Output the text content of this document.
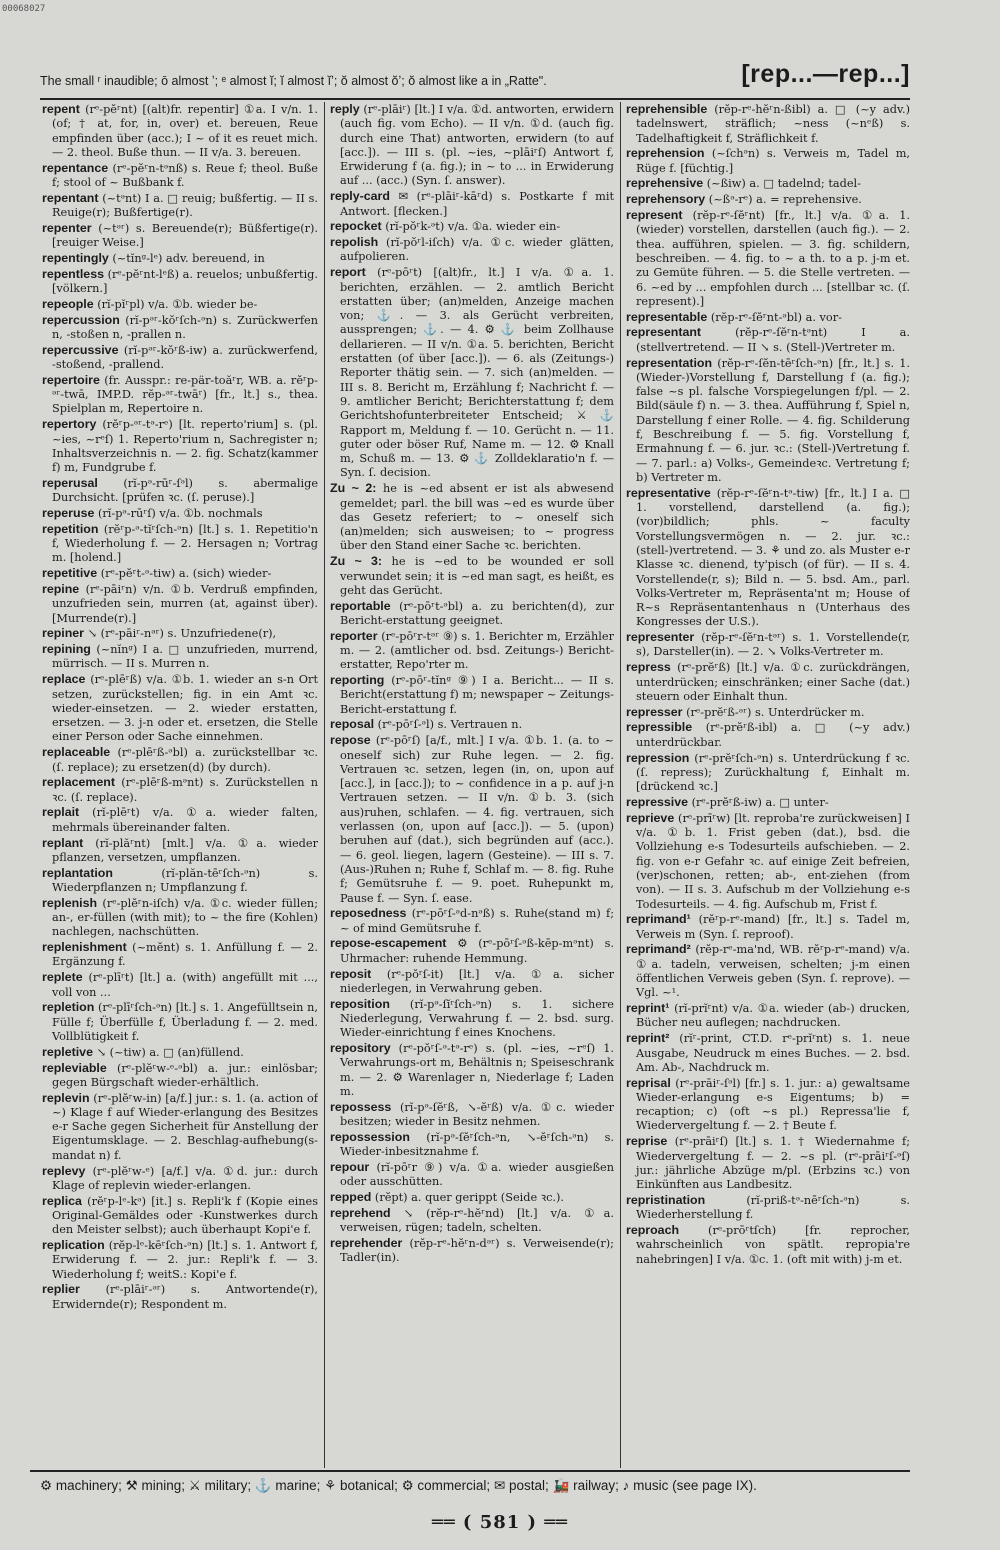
00068027
The small ʳ inaudible; ō almost ʼ; ᵉ almost ĭ; ĭ almost ĭʼ; ŏ almost ŏʼ; ŏ almost like a in „Ratte".	[rep...—rep...]

repent (rᵉ-pĕʳnt) [(alt)fr. repentir] ①a. I v/n. 1. (of; † at, for, in, over) et. bereuen, Reue empfinden über (acc.); I ~ of it es reuet mich. — 2. theol. Buße thun. — II v/a. 3. bereuen.

repentance (rᵉ-pĕʳn-tᵊnß) s. Reue f; theol. Buße f; stool of ~ Bußbank f.

repentant (~tᵊnt) I a. □ reuig; bußfertig. — II s. Reuige(r); Bußfertige(r).

repenter (~tᵊʳ) s. Bereuende(r); Büßfertige(r). [reuiger Weise.]

repentingly (~tĭnᵍ-lᵉ) adv. bereuend, in

repentless (rᵉ-pĕʳnt-lᵉß) a. reuelos; unbußfertig. [völkern.]

repeople (rĭ-pĭʳpl) v/a. ①b. wieder be-

repercussion (rĭ-pᵊʳ-kŏʳſch-ᵊn) s. Zurückwerfen n, -stoßen n, -prallen n.

repercussive (rĭ-pᵊʳ-kŏʳß-iw) a. zurückwerfend, -stoßend, -prallend.

repertoire (fr. Ausspr.: re-pär-toăʳr, WB. a. rĕʳp-ᵊʳ-twā, IMP.D. rĕp-ᵊʳ-twāʳ) [fr., lt.] s., thea. Spielplan m, Repertoire n.

repertory (rĕʳp-ᵊʳ-tᵊ-rᵉ) [lt. reperto'rium] s. (pl. ~ies, ~rᵉſ) 1. Reperto'rium n, Sachregister n; Inhaltsverzeichnis n. — 2. fig. Schatz(kammer f) m, Fundgrube f.

reperusal (rĭ-pᵊ-rūʳ-ſᵊl) s. abermalige Durchsicht. [prüfen ꝛc. (ſ. peruse).]

reperuse (rĭ-pᵊ-rūʳſ) v/a. ①b. nochmals

repetition (rĕʳp-ᵊ-tĭʳſch-ᵊn) [lt.] s. 1. Repetitio'n f, Wiederholung f. — 2. Hersagen n; Vortrag m. [holend.]

repetitive (rᵉ-pĕʳt-ᵊ-tiw) a. (sich) wieder-

repine (rᵉ-pāiʳn) v/n. ①b. Verdruß empfinden, unzufrieden sein, murren (at, against über). [Murrende(r).]

repiner ↘ (rᵉ-pāiʳ-nᵊʳ) s. Unzufriedene(r),

repining (~nĭnᵍ) I a. □ unzufrieden, murrend, mürrisch. — II s. Murren n.

replace (rᵉ-plēʳß) v/a. ①b. 1. wieder an s-n Ort setzen, zurückstellen; fig. in ein Amt ꝛc. wieder-einsetzen. — 2. wieder erstatten, ersetzen. — 3. j-n oder et. ersetzen, die Stelle einer Person oder Sache einnehmen.

replaceable (rᵉ-plēʳß-ᵊbl) a. zurückstellbar ꝛc. (ſ. replace); zu ersetzen(d) (by durch).

replacement (rᵉ-plēʳß-mᵊnt) s. Zurückstellen n ꝛc. (ſ. replace).

replait (rĭ-plēʳt) v/a. ①a. wieder falten, mehrmals übereinander falten.

replant (rĭ-plăʳnt) [mlt.] v/a. ①a. wieder pflanzen, versetzen, umpflanzen.

replantation	(rĭ-plăn-tēʳſch-ᵊn) s. Wiederpflanzen n; Umpflanzung f.

replenish (rᵉ-plĕʳn-iſch) v/a. ①c. wieder füllen; an-, er-füllen (with mit); to ~ the fire (Kohlen) nachlegen, nachschütten.

replenishment (~mĕnt) s. 1. Anfüllung f. — 2. Ergänzung f.

replete (rᵉ-plīʳt) [lt.] a. (with) angefüllt mit ..., voll von ...

repletion (rᵉ-plīʳſch-ᵊn) [lt.] s. 1. Angefülltsein n, Fülle f; Überfülle f, Überladung f. — 2. med. Vollblütigkeit f.

repletive ↘ (~tiw) a. □ (an)füllend.

repleviable (rᵉ-plĕʳw-ᵉ-ᵊbl) a. jur.: einlösbar; gegen Bürgschaft wieder-erhältlich.

replevin (rᵉ-plĕʳw-in) [a/f.] jur.: s. 1. (a. action of ~) Klage f auf Wieder-erlangung des Besitzes e-r Sache gegen Sicherheit für Anstellung der Eigentumsklage. — 2. Beschlag-aufhebung(s-mandat n) f.

replevy (rᵉ-plĕʳw-ᵉ) [a/f.] v/a. ①d. jur.: durch Klage of replevin wieder-erlangen.

replica (rĕʳp-lᵉ-kᵊ) [it.] s. Repli'k f (Kopie eines Original-Gemäldes oder -Kunstwerkes durch den Meister selbst); auch überhaupt Kopi'e f.

replication (rĕp-lᵉ-kēʳſch-ᵊn) [lt.] s. 1. Antwort f, Erwiderung f. — 2. jur.: Repli'k f. — 3. Wiederholung f; weitS.: Kopi'e f.

replier (rᵉ-plāiʳ-ᵊʳ) s. Antwortende(r), Erwidernde(r); Respondent m.

reply (rᵉ-plāiʳ) [lt.] I v/a. ①d. antworten, erwidern (auch fig. vom Echo). — II v/n. ①d. (auch fig. durch eine That) antworten, erwidern (to auf [acc.]). — III s. (pl. ~ies, ~plāiʳſ) Antwort f, Erwiderung f (a. fig.); in ~ to ... in Erwiderung auf ... (acc.) (Syn. ſ. answer).

reply-card ✉ (rᵉ-plāiʳ-kāʳd) s. Postkarte f mit Antwort. [flecken.]

repocket (rĭ-pŏʳk-ᵊt) v/a. ①a. wieder ein-

repolish (rĭ-pŏʳl-iſch) v/a. ①c. wieder glätten, aufpolieren.

report (rᵉ-pōʳt) [(alt)fr., lt.] I v/a. ①a. 1. berichten, erzählen. — 2. amtlich Bericht erstatten über; (an)melden, Anzeige machen von; ⚓. — 3. als Gerücht verbreiten, aussprengen; ⚓. — 4. ⚙ ⚓ beim Zollhause dellarieren. — II v/n. ①a. 5. berichten, Bericht erstatten (of über [acc.]). — 6. als (Zeitungs-) Reporter thätig sein. — 7. sich (an)melden. — III s. 8. Bericht m, Erzählung f; Nachricht f. — 9. amtlicher Bericht; Berichterstattung f; dem Gerichtshofunterbreiteter Entscheid; ⚔ ⚓ Rapport m, Meldung f. — 10. Gerücht n. — 11. guter oder böser Ruf, Name m. — 12. ⚙ Knall m, Schuß m. — 13. ⚙ ⚓ Zolldeklaratio'n f. — Syn. ſ. decision.

Zu ~ 2: he is ~ed absent er ist als abwesend gemeldet; parl. the bill was ~ed es wurde über das Gesetz referiert; to ~ oneself sich (an)melden; sich ausweisen; to ~ progress über den Stand einer Sache ꝛc. berichten.

Zu ~ 3: he is ~ed to be wounded er soll verwundet sein; it is ~ed man sagt, es heißt, es geht das Gerücht.

reportable (rᵉ-pōʳt-ᵊbl) a. zu berichten(d), zur Bericht-erstattung geeignet.

reporter (rᵉ-pōʳr-tᵊʳ ⑨) s. 1. Berichter m, Erzähler m. — 2. (amtlicher od. bsd. Zeitungs-) Bericht-erstatter, Repo'rter m.

reporting (rᵉ-pōʳ-tĭnᵍ ⑨) I a. Bericht... — II s. Bericht(erstattung f) m; newspaper ~ Zeitungs-Bericht-erstattung f.

reposal (rᵉ-pōʳſ-ᵊl) s. Vertrauen n.

repose (rᵉ-pōʳſ) [a/f., mlt.] I v/a. ①b. 1. (a. to ~ oneself sich) zur Ruhe legen. — 2. fig. Vertrauen ꝛc. setzen, legen (in, on, upon auf [acc.], in [acc.]); to ~ confidence in a p. auf j-n Vertrauen setzen. — II v/n. ①b. 3. (sich aus)ruhen, schlafen. — 4. fig. vertrauen, sich verlassen (on, upon auf [acc.]). — 5. (upon) beruhen auf (dat.), sich begründen auf (acc.). — 6. geol. liegen, lagern (Gesteine). — III s. 7. (Aus-)Ruhen n; Ruhe f, Schlaf m. — 8. fig. Ruhe f; Gemütsruhe f. — 9. poet. Ruhepunkt m, Pause f. — Syn. ſ. ease.

reposedness (rᵉ-pōʳſ-ᵊd-nᵊß) s. Ruhe(stand m) f; ~ of mind Gemütsruhe f.

repose-escapement ⚙ (rᵉ-pōʳſ-ᵊß-kēp-mᵊnt) s. Uhrmacher: ruhende Hemmung.

reposit (rᵉ-pŏʳſ-it) [lt.] v/a. ①a. sicher niederlegen, in Verwahrung geben.

reposition (rĭ-pᵊ-ſĭʳſch-ᵊn) s. 1. sichere Niederlegung, Verwahrung f. — 2. bsd. surg. Wieder-einrichtung f eines Knochens.

repository (rᵉ-pŏʳſ-ᵊ-tᵊ-rᵉ) s. (pl. ~ies, ~rᵉſ) 1. Verwahrungs-ort m, Behältnis n; Speiseschrank m. — 2. ⚙ Warenlager n, Niederlage f; Laden m.

repossess (rĭ-pᵊ-ſĕʳß, ↘-ĕʳß) v/a. ①c. wieder besitzen; wieder in Besitz nehmen.

repossession (rĭ-pᵊ-ſĕʳſch-ᵊn, ↘-ĕʳſch-ᵊn) s. Wieder-inbesitznahme f.

repour (rĭ-pōʳr ⑨) v/a. ①a. wieder ausgießen oder ausschütten.

repped (rĕpt) a. quer gerippt (Seide ꝛc.).

reprehend ↘ (rĕp-rᵉ-hĕʳnd) [lt.] v/a. ①a. verweisen, rügen; tadeln, schelten.

reprehender (rĕp-rᵉ-hĕʳn-dᵊʳ) s. Verweisende(r); Tadler(in).

reprehensible (rĕp-rᵉ-hĕʳn-ßibl) a. □ (~y adv.) tadelnswert, sträflich; ~ness (~nᵉß) s. Tadelhaftigkeit f, Sträflichkeit f.

reprehension (~ſchᵊn) s. Verweis m, Tadel m, Rüge f. [füchtig.]

reprehensive (~ßiw) a. □ tadelnd; tadel-

reprehensory (~ßᵊ-rᵉ) a. = reprehensive.

represent (rĕp-rᵉ-ſĕʳnt) [fr., lt.] v/a. ①a. 1. (wieder) vorstellen, darstellen (auch fig.). — 2. thea. aufführen, spielen. — 3. fig. schildern, beschreiben. — 4. fig. to ~ a th. to a p. j-m et. zu Gemüte führen. — 5. die Stelle vertreten. — 6. ~ed by ... empfohlen durch ... [stellbar ꝛc. (ſ. represent).]

representable (rĕp-rᵉ-ſĕʳnt-ᵊbl) a. vor-

representant	(rĕp-rᵉ-ſĕʳn-tᵊnt) I a. (stellvertretend. — II ↘ s. (Stell-)Vertreter m.

representation (rĕp-rᵉ-ſĕn-tēʳſch-ᵊn) [fr., lt.] s. 1. (Wieder-)Vorstellung f, Darstellung f (a. fig.); false ~s pl. falsche Vorspiegelungen f/pl. — 2. Bild(säule f) n. — 3. thea. Aufführung f, Spiel n, Darstellung f einer Rolle. — 4. fig. Schilderung f, Beschreibung f. — 5. fig. Vorstellung f, Ermahnung f. — 6. jur. ꝛc.: (Stell-)Vertretung f. — 7. parl.: a) Volks-, Gemeindeꝛc. Vertretung f; b) Vertreter m.

representative (rĕp-rᵉ-ſĕʳn-tᵊ-tiw) [fr., lt.] I a. □ 1. vorstellend, darstellend (a. fig.); (vor)bildlich; phls. ~ faculty Vorstellungsvermögen n. — 2. jur. ꝛc.: (stell-)vertretend. — 3. ⚘ und zo. als Muster e-r Klasse ꝛc. dienend, ty'pisch (of für). — II s. 4. Vorstellende(r, s); Bild n. — 5. bsd. Am., parl. Volks-Vertreter m, Repräsenta'nt m; House of R~s Repräsentantenhaus n (Unterhaus des Kongresses der U.S.).

representer (rĕp-rᵉ-ſĕʳn-tᵊʳ) s. 1. Vorstellende(r, s), Darsteller(in). — 2. ↘ Volks-Vertreter m.

repress (rᵉ-prĕʳß) [lt.] v/a. ①c. zurückdrängen, unterdrücken; einschränken; einer Sache (dat.) steuern oder Einhalt thun.

represser (rᵉ-prĕʳß-ᵊʳ) s. Unterdrücker m.

repressible (rᵉ-prĕʳß-ibl) a. □ (~y adv.) unterdrückbar.

repression (rᵉ-prĕʳſch-ᵊn) s. Unterdrückung f ꝛc. (ſ. repress); Zurückhaltung f, Einhalt m. [drückend ꝛc.]

repressive (rᵉ-prĕʳß-iw) a. □ unter-

reprieve (rᵉ-prīʳw) [lt. reproba're zurückweisen] I v/a. ①b. 1. Frist geben (dat.), bsd. die Vollziehung e-s Todesurteils aufschieben. — 2. fig. von e-r Gefahr ꝛc. auf einige Zeit befreien, (ver)schonen, retten; ab-, ent-ziehen (from von). — II s. 3. Aufschub m der Vollziehung e-s Todesurteils. — 4. fig. Aufschub m, Frist f.

reprimand¹ (rĕʳp-rᵉ-mand) [fr., lt.] s. Tadel m, Verweis m (Syn. ſ. reproof).

reprimand² (rĕp-rᵉ-ma'nd, WB. rĕʳp-rᵉ-mand) v/a. ①a. tadeln, verweisen, schelten; j-m einen öffentlichen Verweis geben (Syn. ſ. reprove). — Vgl. ~¹.

reprint¹ (rĭ-prĭʳnt) v/a. ①a. wieder (ab-) drucken, Bücher neu auflegen; nachdrucken.

reprint² (rĭʳ-print, CT.D. rᵉ-prĭʳnt) s. 1. neue Ausgabe, Neudruck m eines Buches. — 2. bsd. Am. Ab-, Nachdruck m.

reprisal (rᵉ-prāiʳ-ſᵊl) [fr.] s. 1. jur.: a) gewaltsame Wieder-erlangung e-s Eigentums; b) = recaption; c) (oft ~s pl.) Repressa'lie f, Wiedervergeltung f. — 2. † Beute f.

reprise (rᵉ-prāiʳſ) [lt.] s. 1. † Wiedernahme f; Wiedervergeltung f. — 2. ~s pl. (rᵉ-prāiʳſ-ᵊſ) jur.: jährliche Abzüge m/pl. (Erbzins ꝛc.) von Einkünften aus Landbesitz.

repristination	(rĭ-priß-tᵊ-nēʳſch-ᵊn) s. Wiederherstellung f.

reproach	(rᵉ-prōʳtſch) [fr. reprocher, wahrscheinlich von spätlt. repropia're nahebringen] I v/a. ①c. 1. (oft mit with) j-m et.

⚙ machinery; ⚒ mining; ⚔ military; ⚓ marine; ⚘ botanical; ⚙ commercial; ✉ postal; 🚂 railway; ♪ music (see page IX).
══ ( 581 ) ══
